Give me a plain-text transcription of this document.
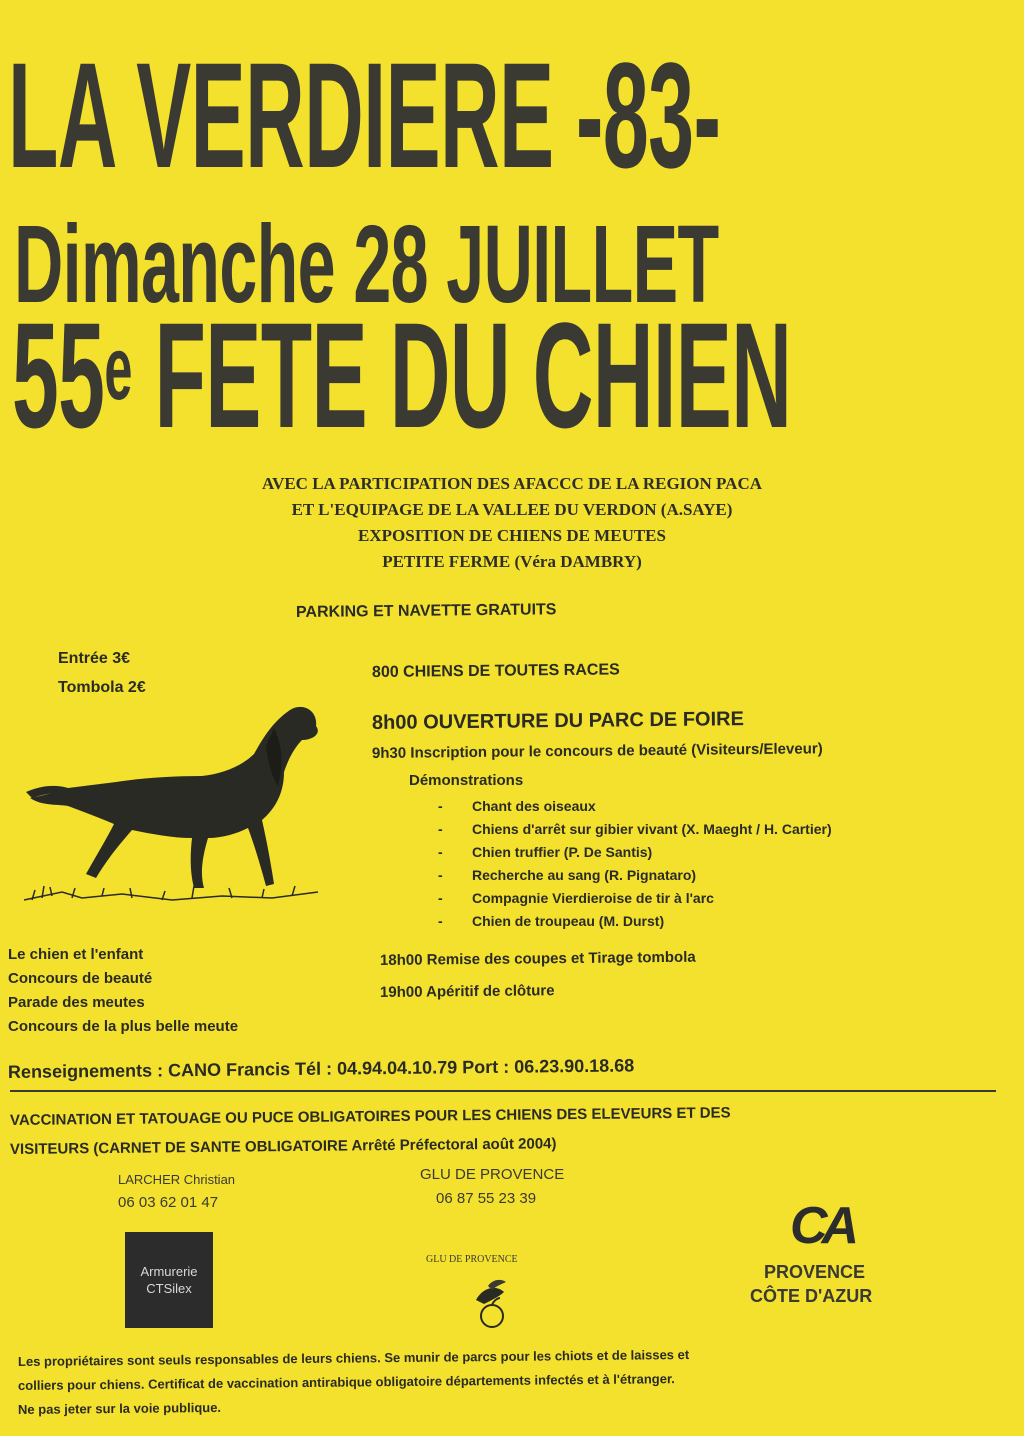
LA VERDIERE -83-
Dimanche 28 JUILLET
55e FETE DU CHIEN
AVEC LA PARTICIPATION DES AFACCC DE LA REGION PACA
ET L'EQUIPAGE DE LA VALLEE DU VERDON (A.SAYE)
EXPOSITION DE CHIENS DE MEUTES
PETITE FERME (Véra DAMBRY)
PARKING ET NAVETTE GRATUITS
Entrée 3€
Tombola 2€
800 CHIENS DE TOUTES RACES
8h00 OUVERTURE DU PARC DE FOIRE
9h30 Inscription pour le concours de beauté (Visiteurs/Eleveur)
Démonstrations
- Chant des oiseaux
- Chiens d'arrêt sur gibier vivant (X. Maeght / H. Cartier)
- Chien truffier (P. De Santis)
- Recherche au sang (R. Pignataro)
- Compagnie Vierdieroise de tir à l'arc
- Chien de troupeau (M. Durst)
18h00 Remise des coupes et Tirage tombola
19h00 Apéritif de clôture
Le chien et l'enfant
Concours de beauté
Parade des meutes
Concours de la plus belle meute
Renseignements : CANO Francis Tél : 04.94.04.10.79 Port : 06.23.90.18.68
VACCINATION ET TATOUAGE OU PUCE OBLIGATOIRES POUR LES CHIENS DES ELEVEURS ET DES
VISITEURS (CARNET DE SANTE OBLIGATOIRE Arrêté Préfectoral août 2004)
LARCHER Christian
06 03 62 01 47
GLU DE PROVENCE
06 87 55 23 39
Armurerie
CTSilex
GLU DE PROVENCE
CA
PROVENCE
CÔTE D'AZUR
Les propriétaires sont seuls responsables de leurs chiens. Se munir de parcs pour les chiots et de laisses et
colliers pour chiens. Certificat de vaccination antirabique obligatoire départements infectés et à l'étranger.
Ne pas jeter sur la voie publique.
